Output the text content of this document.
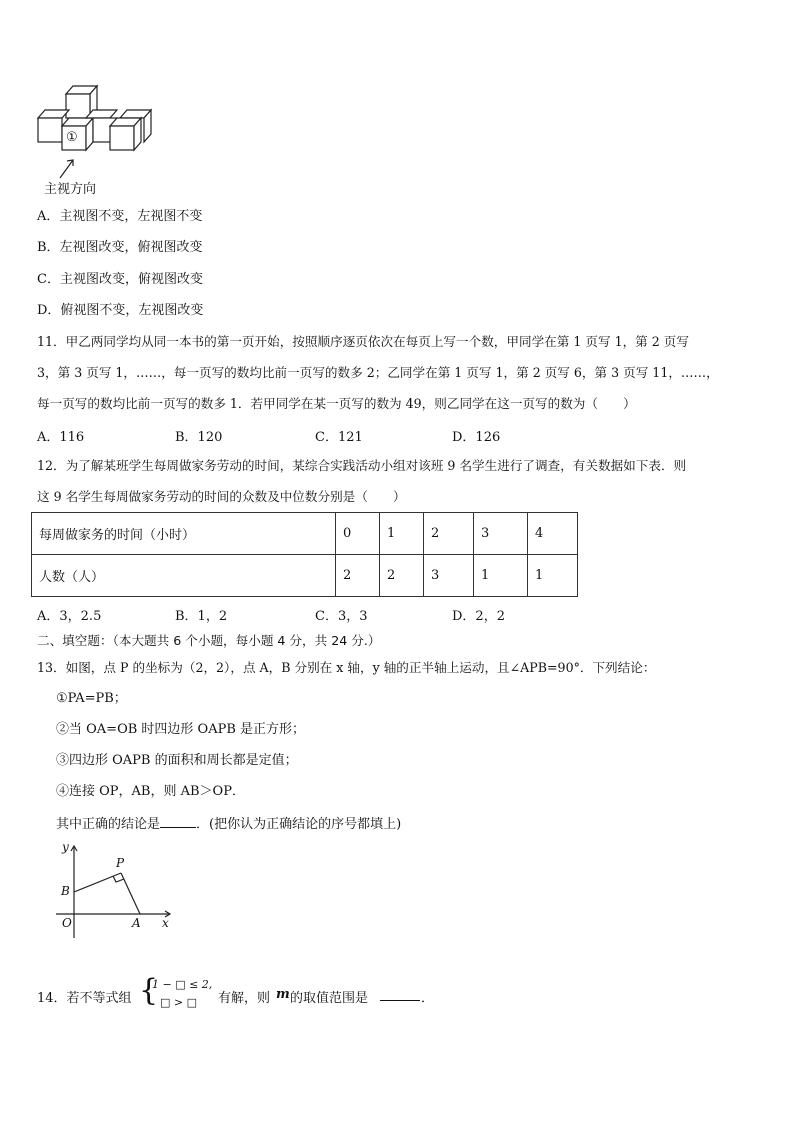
①
主视方向
A．主视图不变，左视图不变
B．左视图改变，俯视图改变
C．主视图改变，俯视图改变
D．俯视图不变，左视图改变
11．甲乙两同学均从同一本书的第一页开始，按照顺序逐页依次在每页上写一个数，甲同学在第 1 页写 1，第 2 页写
3，第 3 页写 1，……，每一页写的数均比前一页写的数多 2；乙同学在第 1 页写 1，第 2 页写 6，第 3 页写 11，……，
每一页写的数均比前一页写的数多 1．若甲同学在某一页写的数为 49，则乙同学在这一页写的数为（　　）
A．116	B．120	C．121	D．126
12．为了解某班学生每周做家务劳动的时间，某综合实践活动小组对该班 9 名学生进行了调查，有关数据如下表．则
这 9 名学生每周做家务劳动的时间的众数及中位数分别是（　　）
每周做家务的时间（小时）	0	1	2	3	4
人数（人）	2	2	3	1	1
A．3，2.5	B．1，2	C．3，3	D．2，2
二、填空题：（本大题共 6 个小题，每小题 4 分，共 24 分.）
13．如图，点 P 的坐标为（2，2），点 A，B 分别在 x 轴，y 轴的正半轴上运动，且∠APB=90°．下列结论：
①PA=PB；
②当 OA=OB 时四边形 OAPB 是正方形；
③四边形 OAPB 的面积和周长都是定值；
④连接 OP，AB，则 AB＞OP．
其中正确的结论是	．(把你认为正确结论的序号都填上)
y
x
P
B
O	A
14．若不等式组 {
1 − □ ≤ 2,
□ > □ 有解，则 m 的取值范围是	．
